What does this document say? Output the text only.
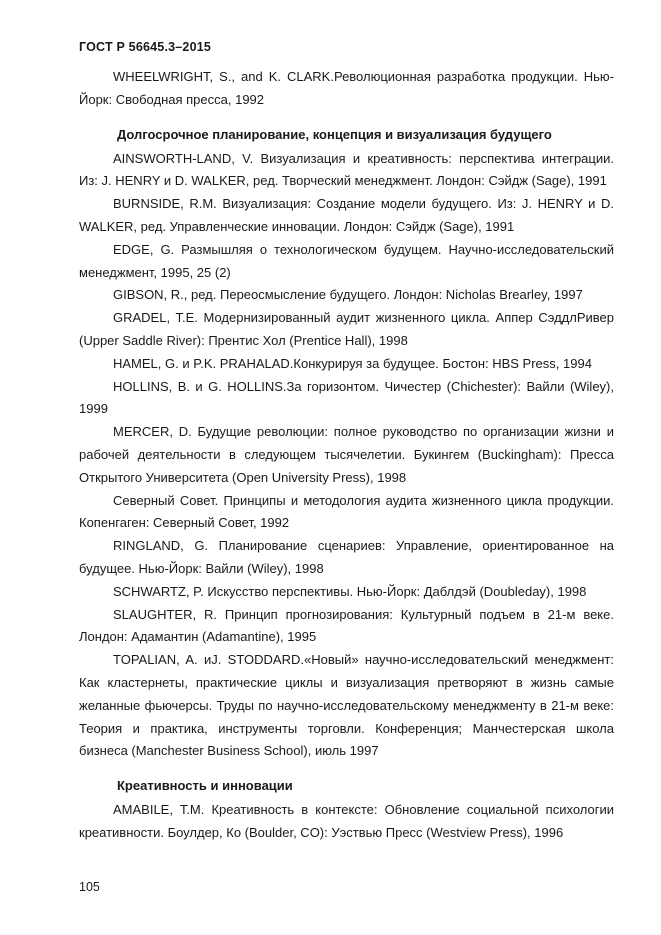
ГОСТ Р 56645.3–2015

WHEELWRIGHT, S., and K. CLARK.Революционная разработка продукции. Нью-Йорк: Свободная пресса, 1992

Долгосрочное планирование, концепция и визуализация будущего

AINSWORTH-LAND, V. Визуализация и креативность: перспектива интеграции. Из: J. HENRY и D. WALKER, ред. Творческий менеджмент. Лондон: Сэйдж (Sage), 1991

BURNSIDE, R.M. Визуализация: Создание модели будущего. Из: J. HENRY и D. WALKER, ред. Управленческие инновации. Лондон: Сэйдж (Sage), 1991

EDGE, G. Размышляя о технологическом будущем. Научно-исследовательский менеджмент, 1995, 25 (2)

GIBSON, R., ред. Переосмысление будущего. Лондон: Nicholas Brearley, 1997

GRADEL, T.E. Модернизированный аудит жизненного цикла. Аппер СэддлРивер (Upper Saddle River): Прентис Хол (Prentice Hall), 1998

HAMEL, G. и P.K. PRAHALAD.Конкурируя за будущее. Бостон: HBS Press, 1994

HOLLINS, B. и G. HOLLINS.За горизонтом. Чичестер (Chichester): Вайли (Wiley), 1999

MERCER, D. Будущие революции: полное руководство по организации жизни и рабочей деятельности в следующем тысячелетии. Букингем (Buckingham): Пресса Открытого Университета (Open University Press), 1998

Северный Совет. Принципы и методология аудита жизненного цикла продукции. Копенгаген: Северный Совет, 1992

RINGLAND, G. Планирование сценариев: Управление, ориентированное на будущее. Нью-Йорк: Вайли (Wiley), 1998

SCHWARTZ, P. Искусство перспективы. Нью-Йорк: Даблдэй (Doubleday), 1998

SLAUGHTER, R. Принцип прогнозирования: Культурный подъем в 21-м веке. Лондон: Адамантин (Adamantine), 1995

TOPALIAN, A. иJ. STODDARD.«Новый» научно-исследовательский менеджмент: Как кластернеты, практические циклы и визуализация претворяют в жизнь самые желанные фьючерсы. Труды по научно-исследовательскому менеджменту в 21-м веке: Теория и практика, инструменты торговли. Конференция; Манчестерская школа бизнеса (Manchester Business School), июль 1997

Креативность и инновации

AMABILE, T.M. Креативность в контексте: Обновление социальной психологии креативности. Боулдер, Ко (Boulder, CO): Уэствью Пресс (Westview Press), 1996

105
